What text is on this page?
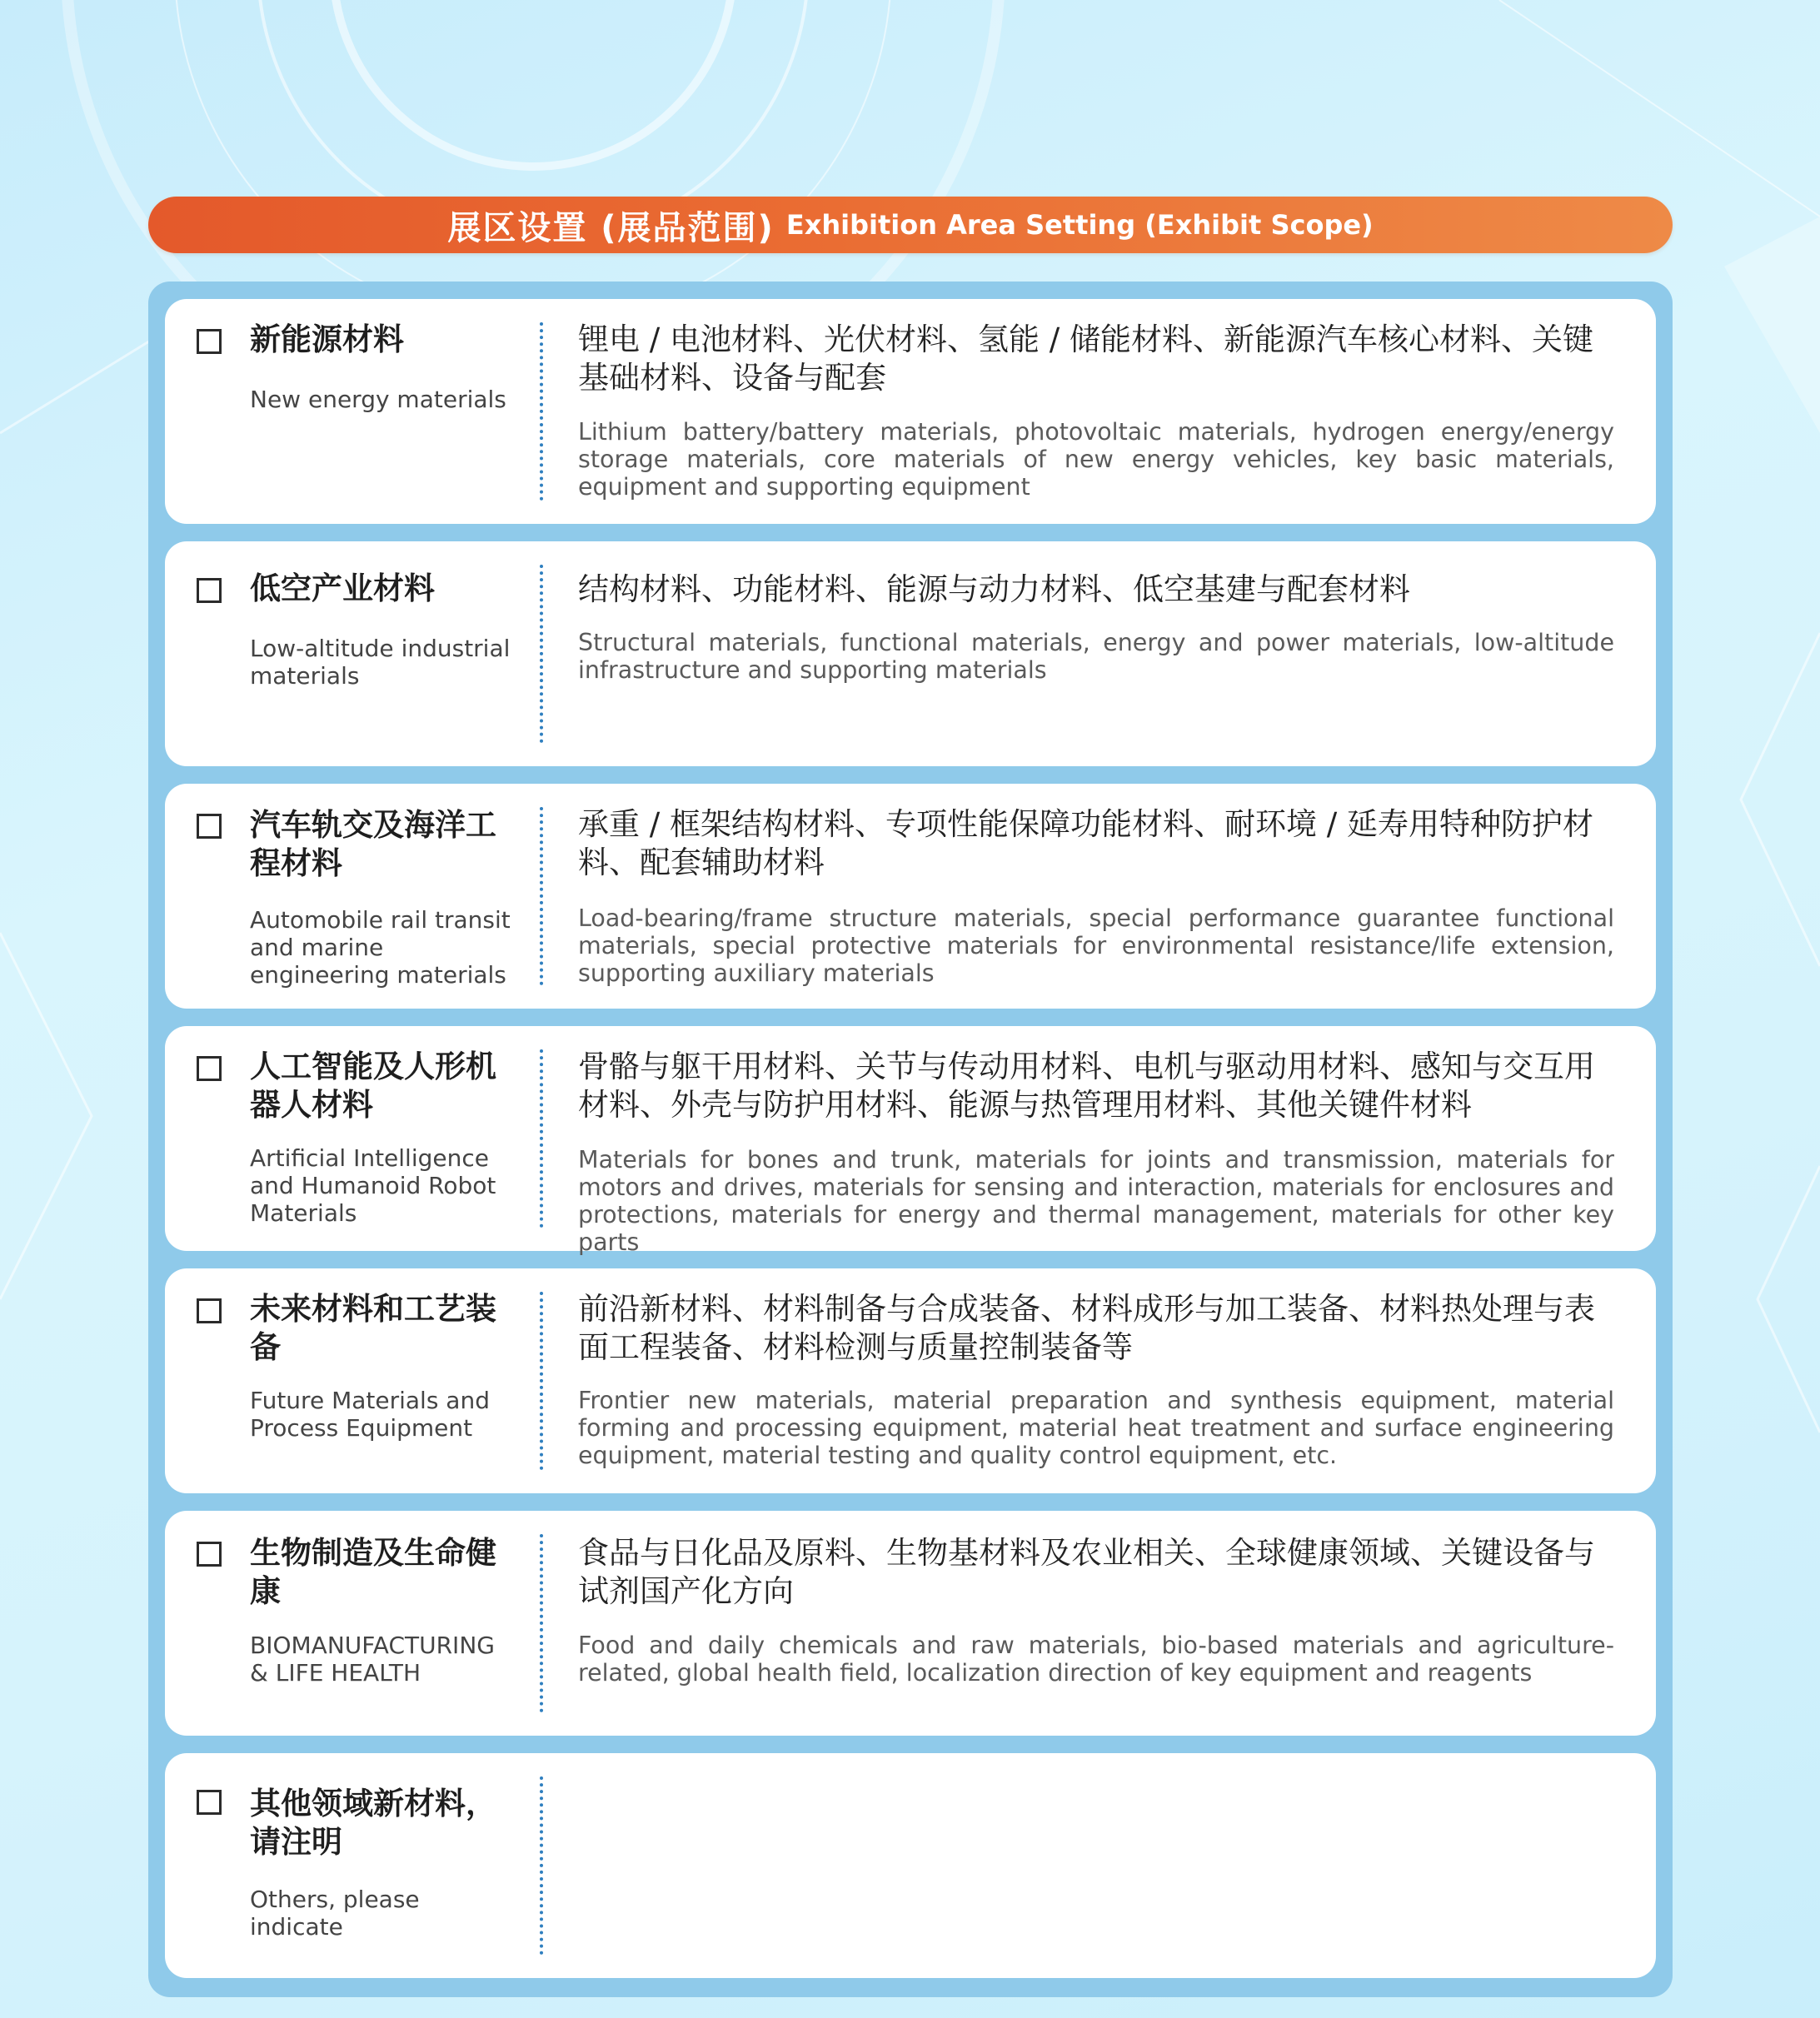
展区设置 (展品范围) Exhibition Area Setting (Exhibit Scope)
新能源材料
New energy materials
锂电 / 电池材料、光伏材料、氢能 / 储能材料、新能源汽车核心材料、关键基础材料、设备与配套
Lithium battery/battery materials, photovoltaic materials, hydrogen energy/energy storage materials, core materials of new energy vehicles, key basic materials, equipment and supporting equipment
低空产业材料
Low-altitude industrial materials
结构材料、功能材料、能源与动力材料、低空基建与配套材料
Structural materials, functional materials, energy and power materials, low-altitude infrastructure and supporting materials
汽车轨交及海洋工程材料
Automobile rail transit and marine engineering materials
承重 / 框架结构材料、专项性能保障功能材料、耐环境 / 延寿用特种防护材料、配套辅助材料
Load-bearing/frame structure materials, special performance guarantee functional materials, special protective materials for environmental resistance/life extension, supporting auxiliary materials
人工智能及人形机器人材料
Artificial Intelligence and Humanoid Robot Materials
骨骼与躯干用材料、关节与传动用材料、电机与驱动用材料、感知与交互用材料、外壳与防护用材料、能源与热管理用材料、其他关键件材料
Materials for bones and trunk, materials for joints and transmission, materials for motors and drives, materials for sensing and interaction, materials for enclosures and protections, materials for energy and thermal management, materials for other key parts
未来材料和工艺装备
Future Materials and Process Equipment
前沿新材料、材料制备与合成装备、材料成形与加工装备、材料热处理与表面工程装备、材料检测与质量控制装备等
Frontier new materials, material preparation and synthesis equipment, material forming and processing equipment, material heat treatment and surface engineering equipment, material testing and quality control equipment, etc.
生物制造及生命健康
BIOMANUFACTURING & LIFE HEALTH
食品与日化品及原料、生物基材料及农业相关、全球健康领域、关键设备与试剂国产化方向
Food and daily chemicals and raw materials, bio-based materials and agriculture-related, global health field, localization direction of key equipment and reagents
其他领域新材料，请注明
Others, please indicate
